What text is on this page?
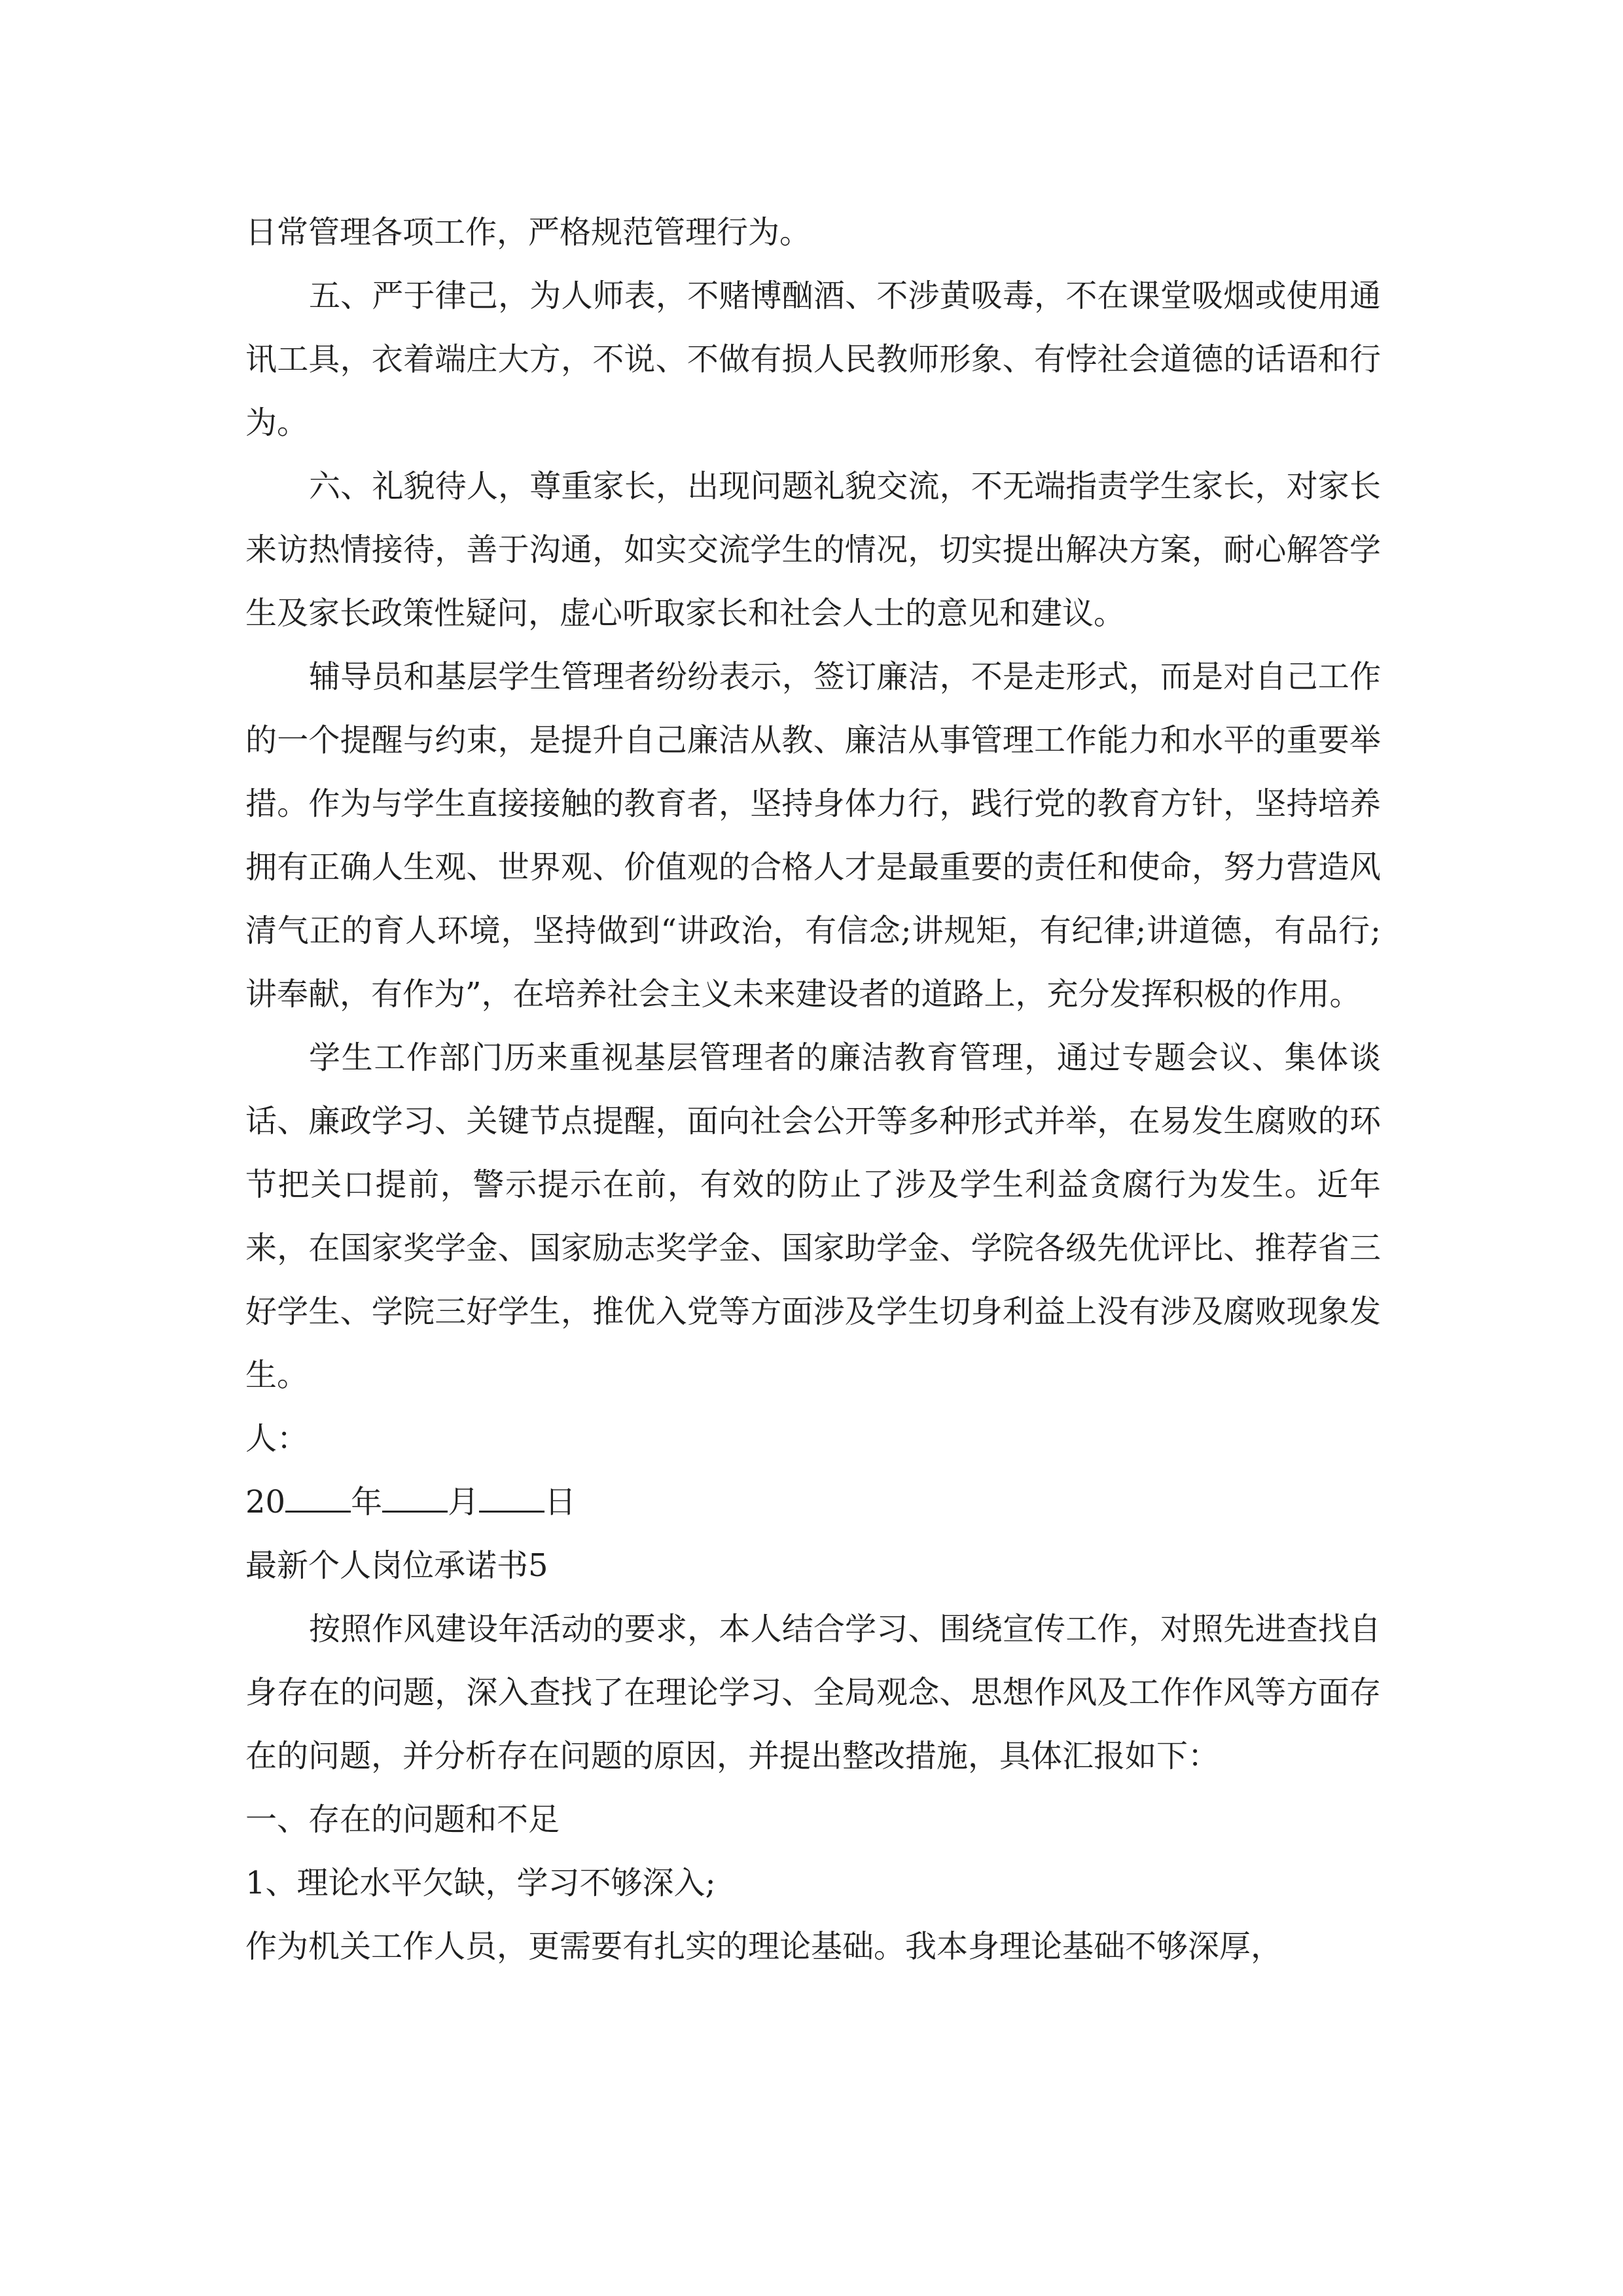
日常管理各项工作，严格规范管理行为。

五、严于律己，为人师表，不赌博酗酒、不涉黄吸毒，不在课堂吸烟或使用通讯工具，衣着端庄大方，不说、不做有损人民教师形象、有悖社会道德的话语和行为。

六、礼貌待人，尊重家长，出现问题礼貌交流，不无端指责学生家长，对家长来访热情接待，善于沟通，如实交流学生的情况，切实提出解决方案，耐心解答学生及家长政策性疑问，虚心听取家长和社会人士的意见和建议。

辅导员和基层学生管理者纷纷表示，签订廉洁，不是走形式，而是对自己工作的一个提醒与约束，是提升自己廉洁从教、廉洁从事管理工作能力和水平的重要举措。作为与学生直接接触的教育者，坚持身体力行，践行党的教育方针，坚持培养拥有正确人生观、世界观、价值观的合格人才是最重要的责任和使命，努力营造风清气正的育人环境，坚持做到“讲政治，有信念;讲规矩，有纪律;讲道德，有品行;讲奉献，有作为”，在培养社会主义未来建设者的道路上，充分发挥积极的作用。

学生工作部门历来重视基层管理者的廉洁教育管理，通过专题会议、集体谈话、廉政学习、关键节点提醒，面向社会公开等多种形式并举，在易发生腐败的环节把关口提前，警示提示在前，有效的防止了涉及学生利益贪腐行为发生。近年来，在国家奖学金、国家励志奖学金、国家助学金、学院各级先优评比、推荐省三好学生、学院三好学生，推优入党等方面涉及学生切身利益上没有涉及腐败现象发生。

人：

20 年 月 日

最新个人岗位承诺书5

按照作风建设年活动的要求，本人结合学习、围绕宣传工作，对照先进查找自身存在的问题，深入查找了在理论学习、全局观念、思想作风及工作作风等方面存在的问题，并分析存在问题的原因，并提出整改措施，具体汇报如下：

一、存在的问题和不足

1、理论水平欠缺，学习不够深入;

作为机关工作人员，更需要有扎实的理论基础。我本身理论基础不够深厚，
